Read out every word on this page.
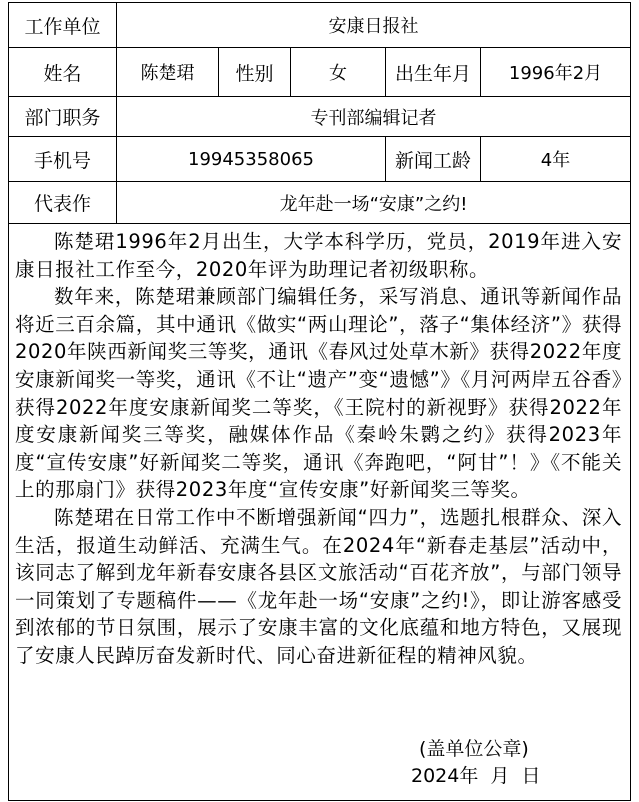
工作单位	安康日报社				
姓名	陈楚珺	性别	女	出生年月	1996年2月
部门职务	专刊部编辑记者				
手机号	19945358065			新闻工龄	4年
代表作	龙年赴一场“安康”之约!				

陈楚珺1996年2月出生，大学本科学历，党员，2019年进入安康日报社工作至今，2020年评为助理记者初级职称。

数年来，陈楚珺兼顾部门编辑任务，采写消息、通讯等新闻作品将近三百余篇，其中通讯《做实“两山理论”，落子“集体经济”》获得2020年陕西新闻奖三等奖，通讯《春风过处草木新》获得2022年度安康新闻奖一等奖，通讯《不让“遗产”变“遗憾”》《月河两岸五谷香》获得2022年度安康新闻奖二等奖，《王院村的新视野》获得2022年度安康新闻奖三等奖，融媒体作品《秦岭朱鹮之约》获得2023年度“宣传安康”好新闻奖二等奖，通讯《奔跑吧，“阿甘”！》《不能关上的那扇门》获得2023年度“宣传安康”好新闻奖三等奖。

陈楚珺在日常工作中不断增强新闻“四力”，选题扎根群众、深入生活，报道生动鲜活、充满生气。在2024年“新春走基层”活动中，该同志了解到龙年新春安康各县区文旅活动“百花齐放”，与部门领导一同策划了专题稿件——《龙年赴一场“安康”之约!》，即让游客感受到浓郁的节日氛围，展示了安康丰富的文化底蕴和地方特色，又展现了安康人民踔厉奋发新时代、同心奋进新征程的精神风貌。

(盖单位公章)
2024年  月  日					
